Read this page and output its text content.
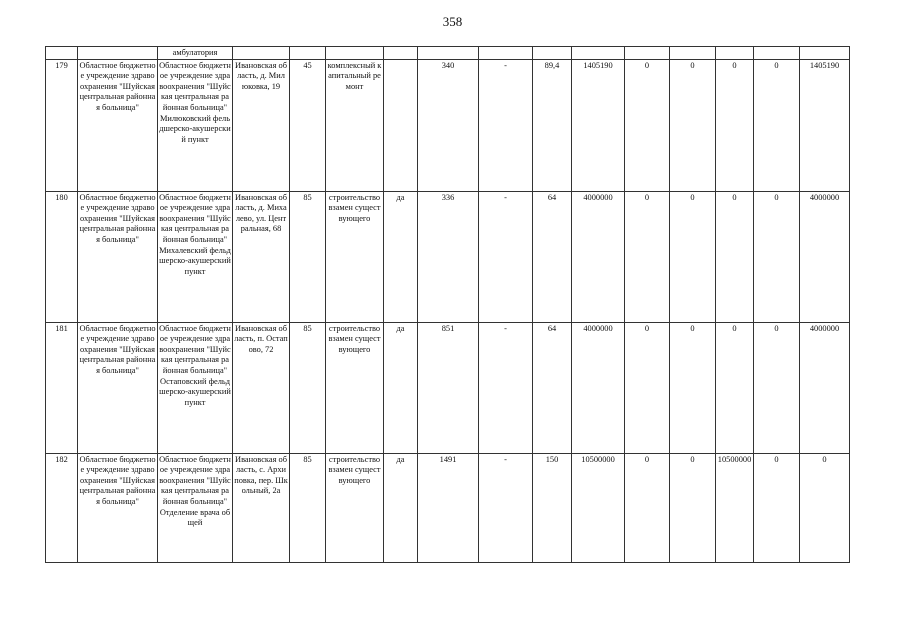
358
		амбулатория													
179	Областное бюджетное учреждение здравоохранения "Шуйская центральная районная больница"	Областное бюджетное учреждение здравоохранения "Шуйская центральная районная больница" Милюковский фельдшерско-акушерский пункт	Ивановская область, д. Милюковка, 19	45	комплексный капитальный ремонт		340	-	89,4	1405190	0	0	0	0	1405190
180	Областное бюджетное учреждение здравоохранения "Шуйская центральная районная больница"	Областное бюджетное учреждение здравоохранения "Шуйская центральная районная больница" Михалевский фельдшерско-акушерский пункт	Ивановская область, д. Михалево, ул. Центральная, 68	85	строительство взамен существующего	да	336	-	64	4000000	0	0	0	0	4000000
181	Областное бюджетное учреждение здравоохранения "Шуйская центральная районная больница"	Областное бюджетное учреждение здравоохранения "Шуйская центральная районная больница" Остаповский фельдшерско-акушерский пункт	Ивановская область, п. Остапово, 72	85	строительство взамен существующего	да	851	-	64	4000000	0	0	0	0	4000000
182	Областное бюджетное учреждение здравоохранения "Шуйская центральная районная больница"	Областное бюджетное учреждение здравоохранения "Шуйская центральная районная больница" Отделение врача общей	Ивановская область, с. Архиповка, пер. Школьный, 2а	85	строительство взамен существующего	да	1491	-	150	10500000	0	0	10500000	0	0
